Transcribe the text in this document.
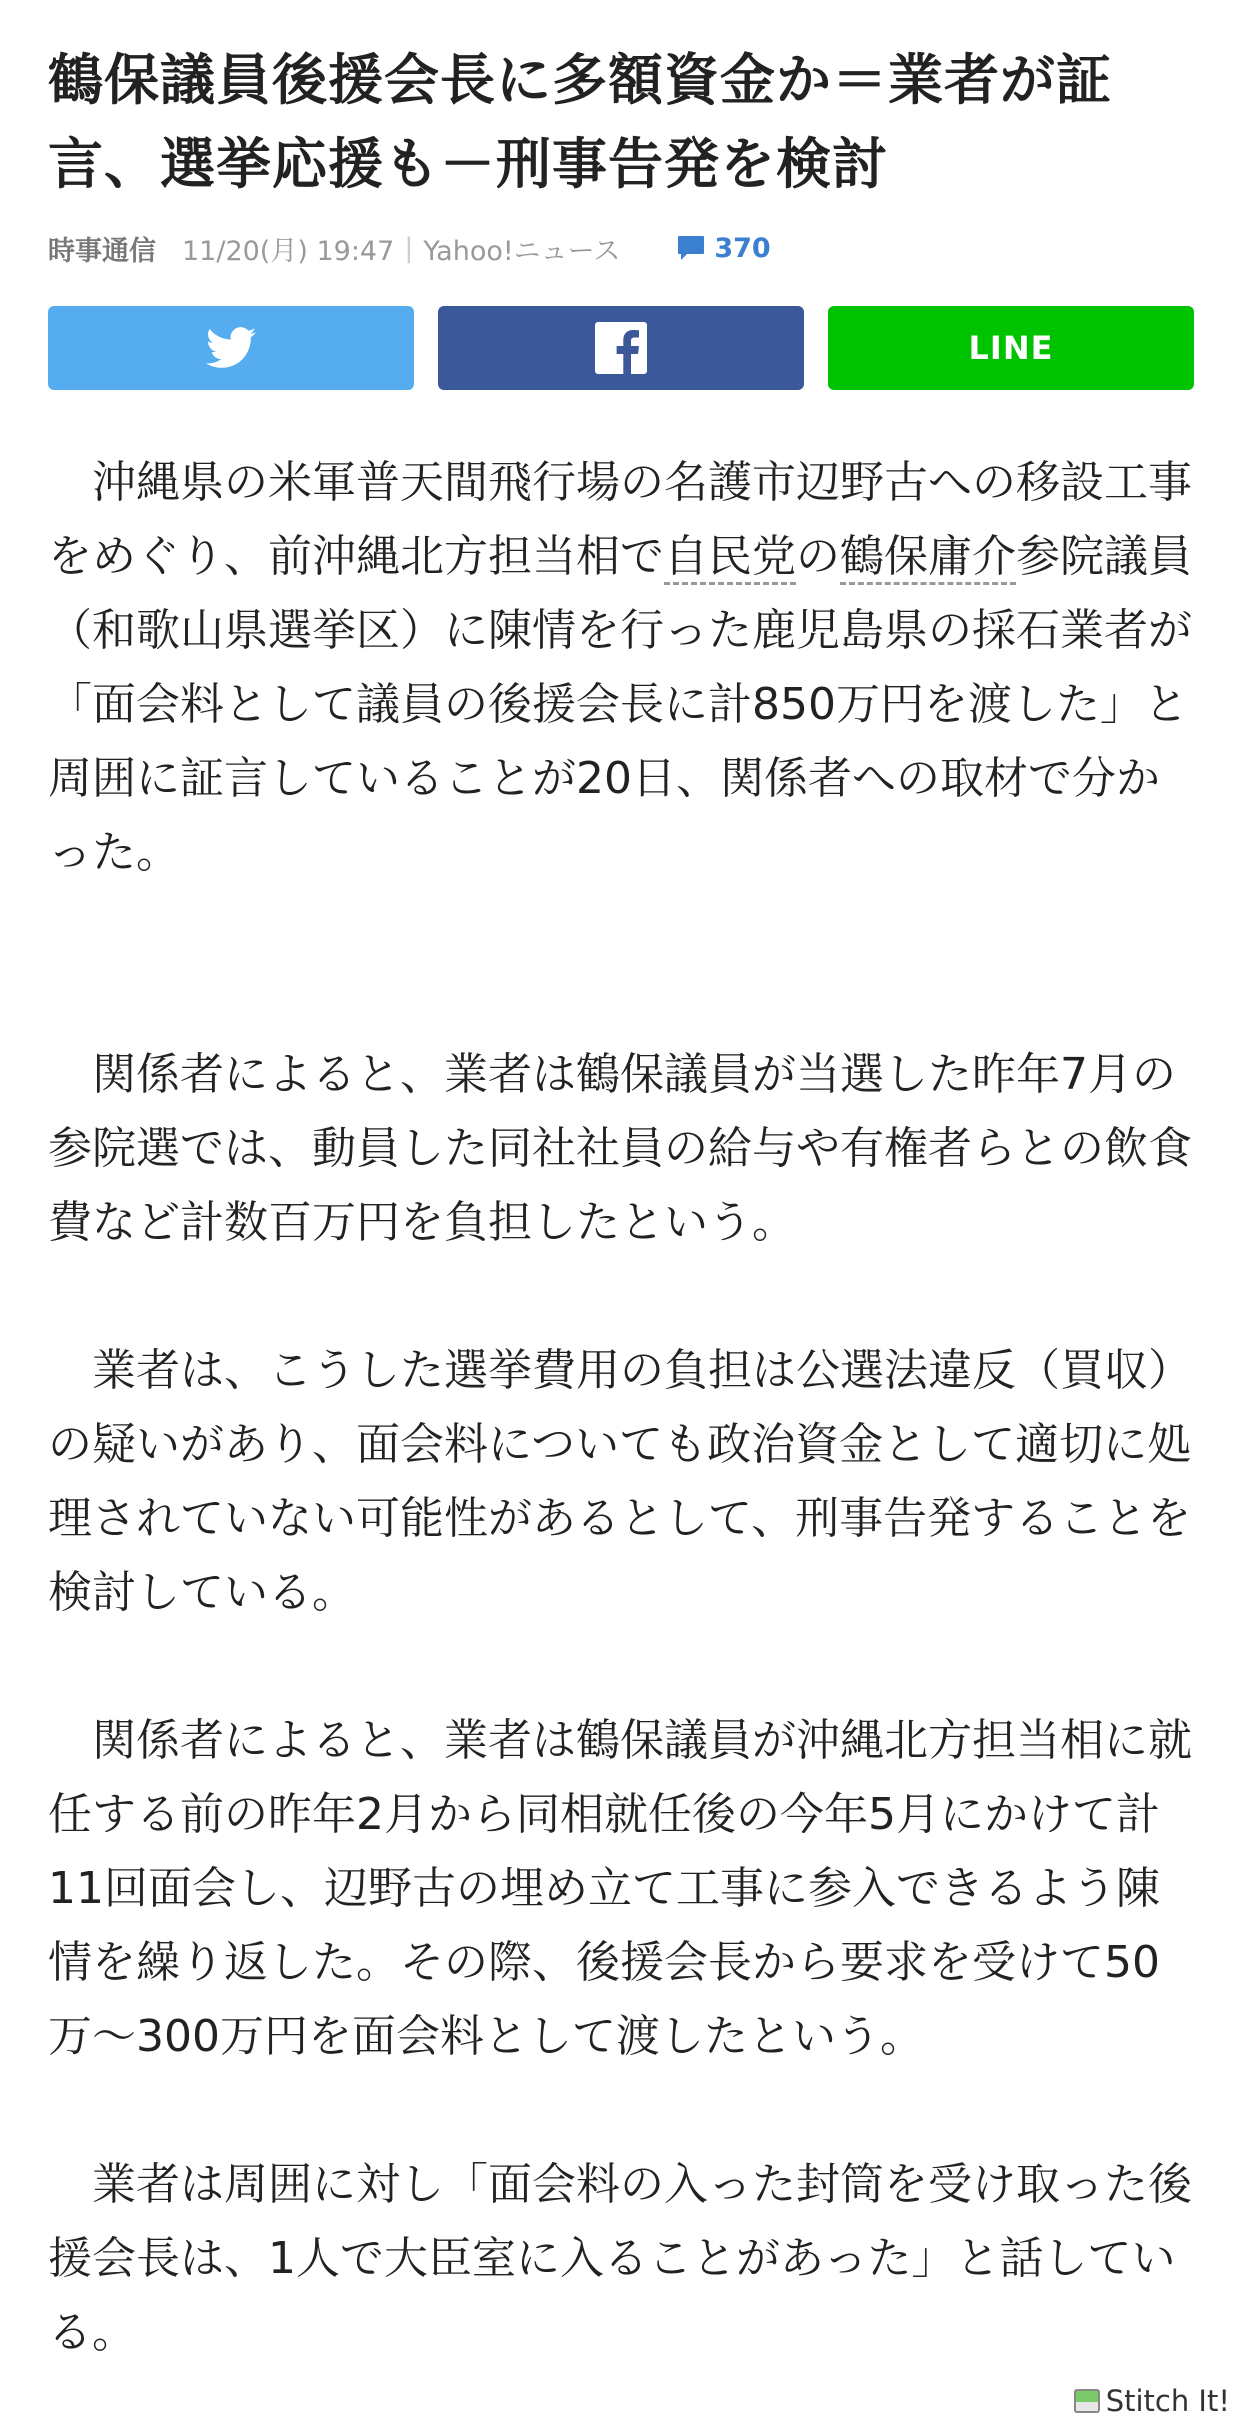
鶴保議員後援会長に多額資金か＝業者が証言、選挙応援も－刑事告発を検討
時事通信 11/20(月) 19:47 | Yahoo!ニュース	370
LINE

沖縄県の米軍普天間飛行場の名護市辺野古への移設工事をめぐり、前沖縄北方担当相で自民党の鶴保庸介参院議員（和歌山県選挙区）に陳情を行った鹿児島県の採石業者が「面会料として議員の後援会長に計850万円を渡した」と周囲に証言していることが20日、関係者への取材で分かった。

関係者によると、業者は鶴保議員が当選した昨年7月の参院選では、動員した同社社員の給与や有権者らとの飲食費など計数百万円を負担したという。

業者は、こうした選挙費用の負担は公選法違反（買収）の疑いがあり、面会料についても政治資金として適切に処理されていない可能性があるとして、刑事告発することを検討している。

関係者によると、業者は鶴保議員が沖縄北方担当相に就任する前の昨年2月から同相就任後の今年5月にかけて計11回面会し、辺野古の埋め立て工事に参入できるよう陳情を繰り返した。その際、後援会長から要求を受けて50万～300万円を面会料として渡したという。

業者は周囲に対し「面会料の入った封筒を受け取った後援会長は、1人で大臣室に入ることがあった」と話している。

Stitch It!
